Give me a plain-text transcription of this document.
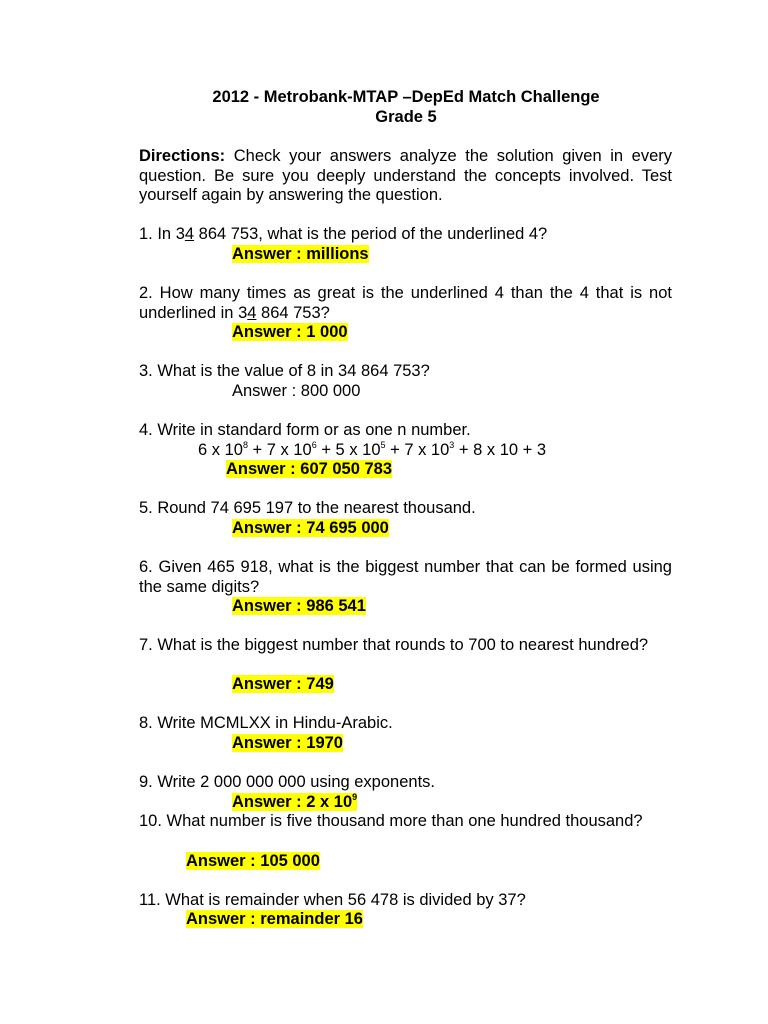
2012 - Metrobank-MTAP –DepEd Match Challenge
Grade 5
Directions: Check your answers analyze the solution given in every question. Be sure you deeply understand the concepts involved. Test yourself again by answering the question.
1. In 34 864 753, what is the period of the underlined 4?
Answer : millions
2. How many times as great is the underlined 4 than the 4 that is not underlined in 34 864 753?
Answer : 1 000
3. What is the value of 8 in 34 864 753?
Answer : 800 000
4. Write in standard form or as one n number.
6 x $10^8 + 7$ x $10^6 + 5$ x $10^5 + 7$ x $10^3 + 8$ x 10 + 3
Answer : 607 050 783
5. Round 74 695 197 to the nearest thousand.
Answer : 74 695 000
6. Given 465 918, what is the biggest number that can be formed using the same digits?
Answer : 986 541
7. What is the biggest number that rounds to 700 to nearest hundred?
Answer : 749
8. Write MCMLXX in Hindu-Arabic.
Answer : 1970
9. Write 2 000 000 000 using exponents.
Answer : 2 x $10^9$
10. What number is five thousand more than one hundred thousand?
Answer : 105 000
11. What is remainder when 56 478 is divided by 37?
Answer : remainder 16
